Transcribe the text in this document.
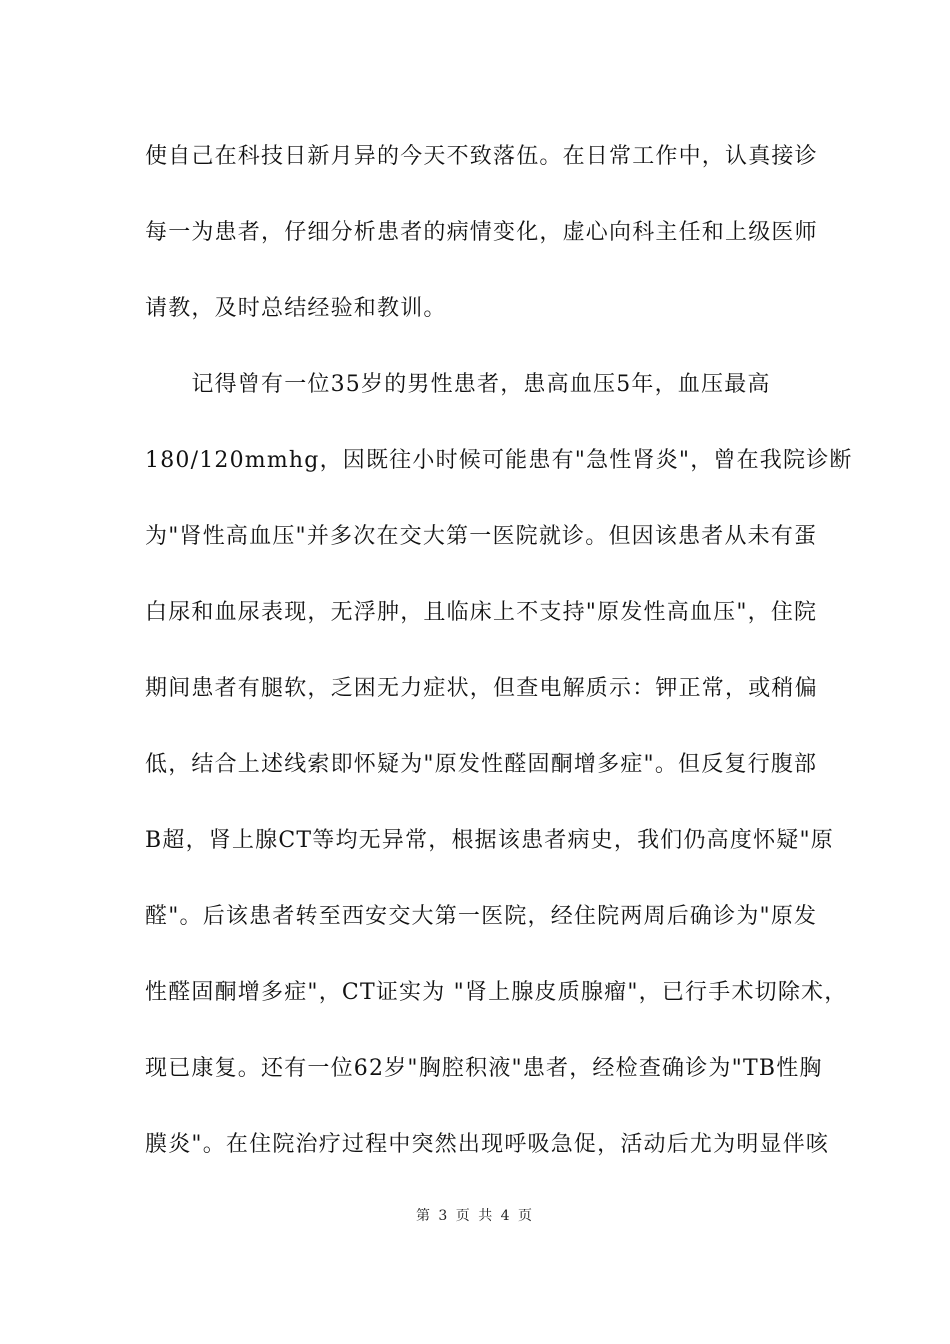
使自己在科技日新月异的今天不致落伍。在日常工作中，认真接诊
每一为患者，仔细分析患者的病情变化，虚心向科主任和上级医师
请教，及时总结经验和教训。
　　记得曾有一位35岁的男性患者，患高血压5年，血压最高
180/120mmhg，因既往小时候可能患有"急性肾炎"，曾在我院诊断
为"肾性高血压"并多次在交大第一医院就诊。但因该患者从未有蛋
白尿和血尿表现，无浮肿，且临床上不支持"原发性高血压"，住院
期间患者有腿软，乏困无力症状，但查电解质示：钾正常，或稍偏
低，结合上述线索即怀疑为"原发性醛固酮增多症"。但反复行腹部
B超，肾上腺CT等均无异常，根据该患者病史，我们仍高度怀疑"原
醛"。后该患者转至西安交大第一医院，经住院两周后确诊为"原发
性醛固酮增多症"，CT证实为 "肾上腺皮质腺瘤"，已行手术切除术，
现已康复。还有一位62岁"胸腔积液"患者，经检查确诊为"TB性胸
膜炎"。在住院治疗过程中突然出现呼吸急促，活动后尤为明显伴咳
第 3 页 共 4 页
